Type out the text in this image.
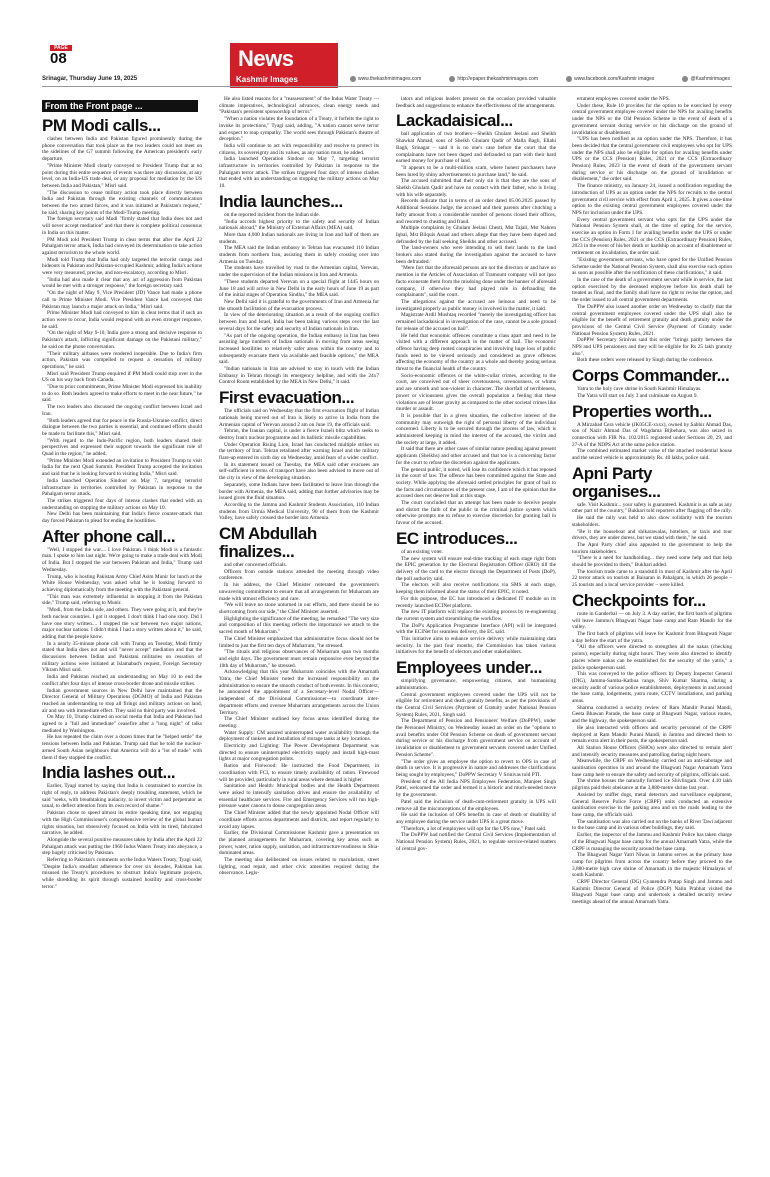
PAGE
08	News
Kashmir Images
Srinagar, Thursday June 19, 2025	www.thekashmirimages.com	http://epaper.thekashmirimages.com	www.facebook.com/Kashmir images	@Kashmirimages
From the Front page ...
PM Modi calls...

clashes between India and Pakistan figured prominently during the phone conversation that took place as the two leaders could not meet on the sidelines of the G7 summit following the American president's early departure.

"Prime Minister Modi clearly conveyed to President Trump that at no point during this entire sequence of events was there any discussion, at any level, on an India-US trade deal, or any proposal for mediation by the US between India and Pakistan," Misri said.

"The discussion to cease military action took place directly between India and Pakistan through the existing channels of communication between the two armed forces, and it was initiated at Pakistan's request," he said, sharing key points of the Modi-Trump meeting.

The foreign secretary said Modi "firmly stated that India does not and will never accept mediation" and that there is complete political consensus in India on this matter.

PM Modi told President Trump in clear terms that after the April 22 Pahalgam terror attack, India had conveyed its determination to take action against terrorism to the whole world.

Modi told Trump that India had only targeted the terrorist camps and hideouts in Pakistan and Pakistan-occupied Kashmir, adding India's actions were very measured, precise, and non-escalatory, according to Misri.

"India had also made it clear that any act of aggression from Pakistan would be met with a stronger response," the foreign secretary said.

"On the night of May 9, Vice President (JD) Vance had made a phone call to Prime Minister Modi. Vice President Vance had conveyed that Pakistan may launch a major attack on India," Misri said.

Prime Minister Modi had conveyed to him in clear terms that if such an action were to occur, India would respond with an even stronger response, he said.

"On the night of May 9-10, India gave a strong and decisive response to Pakistan's attack, inflicting significant damage on the Pakistani military," he said on the phone conversation.

"Their military airbases were rendered inoperable. Due to India's firm action, Pakistan was compelled to request a cessation of military operations," he said.

Misri said President Trump enquired if PM Modi could stop over in the US on his way back from Canada.

"Due to prior commitments, Prime Minister Modi expressed his inability to do so. Both leaders agreed to make efforts to meet in the near future," he said.

The two leaders also discussed the ongoing conflict between Israel and Iran.

"Both leaders agreed that for peace in the Russia-Ukraine conflict, direct dialogue between the two parties is essential, and continued efforts should be made to facilitate this," Misri said.

"With regard to the Indo-Pacific region, both leaders shared their perspectives and expressed their support towards the significant role of Quad in the region," he added.

"Prime Minister Modi extended an invitation to President Trump to visit India for the next Quad Summit. President Trump accepted the invitation and said that he is looking forward to visiting India," Misri said.

India launched Operation Sindoor on May 7, targeting terrorist infrastructure in territories controlled by Pakistan in response to the Pahalgam terror attack.

The strikes triggered four days of intense clashes that ended with an understanding on stopping the military actions on May 10.

New Delhi has been maintaining that India's fierce counter-attack that day forced Pakistan to plead for ending the hostilities.

After phone call...

"Well, I stopped the war.... I love Pakistan. I think Modi is a fantastic man. I spoke to him last night. We're going to make a trade deal with Modi of India. But I stopped the war between Pakistan and India," Trump said Wednesday.

Trump, who is hosting Pakistan Army Chief Asim Munir for lunch at the White House Wednesday, was asked what he is looking forward to achieving diplomatically from the meeting with the Pakistani general.

"This man was extremely influential in stopping it from the Pakistan side," Trump said, referring to Munir.

"Modi, from the India side, and others. They were going at it, and they're both nuclear countries. I got it stopped. I don't think I had one story. Did I have one story written.... I stopped the war between two major nations, major nuclear nations. I didn't think I had a story written about it," he said, adding that the people know.

In a nearly 35-minute phone call with Trump on Tuesday, Modi firmly stated that India does not and will "never accept" mediation and that the discussions between Indian and Pakistani militaries on cessation of military actions were initiated at Islamabad's request, Foreign Secretary Vikram Misri said.

India and Pakistan reached an understanding on May 10 to end the conflict after four days of intense cross-border drone and missile strikes.

Indian government sources in New Delhi have maintained that the Director General of Military Operations (DGMO) of India and Pakistan reached an understanding to stop all firings and military actions on land, air and sea with immediate effect. They said no third party was involved.

On May 10, Trump claimed on social media that India and Pakistan had agreed to a "full and immediate" ceasefire after a "long night" of talks mediated by Washington.

He has repeated the claim over a dozen times that he "helped settle" the tensions between India and Pakistan. Trump said that he told the nuclear-armed South Asian neighbours that America will do a "lot of trade" with them if they stopped the conflict.

India lashes out...

Earlier, Tyagi started by saying that India is constrained to exercise its right of reply, to address Pakistan's deeply troubling statement, which he said "seeks, with breathtaking audacity, to invert victim and perpetrator as usual, to deflect attention from its own record of shame."

Pakistan chose to speed almost its entire speaking time, not engaging with the High Commissioner's comprehensive review of the global human rights situation, but obsessively focused on India with its tired, fabricated narrative, he added.

Alongside the several punitive measures taken by India after the April 22 Pahalgam attack was putting the 1960 Indus Waters Treaty into abeyance, a step hugely criticised by Pakistan.

Referring to Pakistan's comments on the Indus Waters Treaty, Tyagi said, "Despite India's steadfast adherence for over six decades, Pakistan has misused the Treaty's procedures to obstruct India's legitimate projects, while shredding its spirit through sustained hostility and cross-border terror."

He also listed reasons for a "reassessment" of the Indus Water Treaty — climate imperatives, technological advances, clean energy needs and "Pakistan's persistent sponsorship of terror."

"When a nation violates the foundation of a Treaty, it forfeits the right to invoke its protections," Tyagi said, adding, "A nation cannot serve terror and expect to reap sympathy. The world sees through Pakistan's theatre of deception."

India will continue to act with responsibility and resolve to protect its citizens, its sovereignty and its values, as any nation must, he added.

India launched Operation Sindoor on May 7, targeting terrorist infrastructure in territories controlled by Pakistan in response to the Pahalgam terror attack. The strikes triggered four days of intense clashes that ended with an understanding on stopping the military actions on May 10.

India launches...

on the reported incident from the Indian side.

"India accords highest priority to the safety and security of Indian nationals abroad," the Ministry of External Affairs (MEA) said.

More than 4,000 Indian nationals are living in Iran and half of them are students.

The MEA said the Indian embassy in Tehran has evacuated 110 Indian students from northern Iran, assisting them in safely crossing over into Armenia on Tuesday.

The students have travelled by road to the Armenian capital, Yerevan, under the supervision of the Indian missions in Iran and Armenia.

"These students departed Yerevan on a special flight at 1445 hours on June 18 and will arrive in New Delhi in the early hours of June 19 as part of the initial stages of Operation Sindhu," the MEA said.

New Delhi said it is grateful to the governments of Iran and Armenia for the smooth facilitation of the evacuation process.

In view of the deteriorating situation as a result of the ongoing conflict between Iran and Israel, India has been taking various steps over the last several days for the safety and security of Indian nationals in Iran.

"As part of the ongoing operation, the Indian embassy in Iran has been assisting large numbers of Indian nationals in moving from areas seeing increased hostilities to relatively safer areas within the country and to subsequently evacuate them via available and feasible options," the MEA said.

"Indian nationals in Iran are advised to stay in touch with the Indian Embassy in Tehran through its emergency helpline, and with the 24x7 Control Room established by the MEA in New Delhi," it said.

First evacuation...

The officials said on Wednesday that the first evacuation flight of Indian nationals being moved out of Iran is likely to arrive in India from the Armenian capital of Yerevan around 2 am on June 19, the officials said.

Tehran, the Iranian capital, is under a fierce Israeli blitz which seeks to destroy Iran's nuclear programme and its ballistic missile capabilities.

Under Operation Rising Lion, Israel has conducted multiple strikes on the territory of Iran. Tehran retaliated after warning Israel and the military flare-up entered its sixth day on Wednesday, amid fears of a wider conflict.

In its statement issued on Tuesday, the MEA said other evacuees are self-sufficient in terms of transport have also been advised to move out of the city in view of the developing situation.

Separately, some Indians have been facilitated to leave Iran through the border with Armenia, the MEA said, adding that further advisories may be issued given the fluid situation.

According to the Jammu and Kashmir Students Association, 110 Indian students from Urmia Medical University, 90 of them from the Kashmir Valley, have safely crossed the border into Armenia.

CM Abdullah finalizes...

and other concerned officials.

Officers from outside stations attended the meeting through video conference.

In his address, the Chief Minister reiterated the government's unwavering commitment to ensure that all arrangements for Muharram are made with utmost efficiency and care.

"We will leave no stone unturned in our efforts, and there should be no shortcoming from our side," the Chief Minister asserted.

Highlighting the significance of the meeting, he remarked "The very size and composition of this meeting reflects the importance we attach to the sacred month of Muharram."

The Chief Minister emphasized that administrative focus should not be limited to just the first ten days of Muharram, "he stressed.

"The rituals and religious observances of Muharram span two months and eight days. The government must remain responsive even beyond the 10th day of Muharram," he stressed.

Acknowledging that this year Muharram coincides with the Amarnath Yatra, the Chief Minister noted the increased responsibility on the administration to ensure the smooth conduct of both events. In this context, he announced the appointment of a Secretary-level Nodal Officer—independent of the Divisional Commissioner—to coordinate inter-department efforts and oversee Muharram arrangements across the Union Territory.

The Chief Minister outlined key focus areas identified during the meeting:

Water Supply: CM assured uninterrupted water availability through the deployment of tankers and installation of storage tanks at key locations.

Electricity and Lighting: The Power Development Department was directed to ensure uninterrupted electricity supply and install high-mast lights at major congregation points.

Ration and Firewood: He instructed the Food Department, in coordination with FCI, to ensure timely availability of ration. Firewood will be provided, particularly in rural areas where demand is higher.

Sanitation and Health: Municipal bodies and the Health Department were asked to intensify sanitation drives and ensure the availability of essential healthcare services. Fire and Emergency Services will run high-pressure water canons to douse congregation areas.

The Chief Minister added that the newly appointed Nodal Officer will coordinate efforts across departments and districts, and report regularly to avoid any lapses.

Earlier, the Divisional Commissioner Kashmir gave a presentation on the planned arrangements for Muharram, covering key areas such as power, water, ration supply, sanitation, and infrastructure readiness in Shia-dominated areas.

The meeting also deliberated on issues related to maculatism, street lighting, road repair, and other civic amenities required during the observance. Legis-

lators and religious leaders present on the occasion provided valuable feedback and suggestions to enhance the effectiveness of the arrangements.

Lackadaisical...

bail application of two brothers—Sheikh Ghulam Jeelani and Sheikh Shawkat Ahmad, sons of Sheikh Ghulam Qadir of Malla Bagh, Ellahi Bagh, Srinagar – said it is no one's case before the court that the complainants have not been duped and defrauded to part with their hard earned money for purchase of land.

"It appears to be a multi-million scam, where honest purchasers have been lured by shiny advertisements to purchase land," he said.

The accused submitted that their only sin is that they are the sons of Sheikh Ghulam Qadir and have no contact with their father, who is living with his wife separately.

Records indicate that in terms of an order dated 05.06.2025 passed by Additional Sessions Judge, the accused and their parents after clutching a hefty amount from a considerable number of persons closed their offices, and resorted to cheating and fraud.

Multiple complaints by Ghulam Jeelani Chesti, Mst Tajali, Mst Nahren Iqbal, Mst Bilquis Assad and others allege that they have been duped and defrauded by the bail seeking Sheikhs and other accused.

The land-owners who were intending to sell their lands to the land brokers also stated during the investigation against the accused to have been defrauded.

"Mere fact that the aforesaid persons are not the directors or and have no mention in the Articles of Association of Tramount company will not ipso facto exonerate them from the misdoing done under the banner of aforesaid company, if otherwise they had played role in defrauding the complainants", said the court.

The allegations against the accused are heinous and need to be investigated properly as public money is involved in the matter, it said.

Magistrate Ardil Mushtaq recorded "merely the investigating officer has remained lackadaisical in investigation of the case, cannot be a sole ground for release of the accused on bail".

He held that economic offences constitute a class apart and need to be visited with a different approach in the matter of bail. The economic offence having deep rooted conspiracies and involving huge loss of public funds need to be viewed seriously and considered as grave offences affecting the economy of the country as a whole and thereby posing serious threat to the financial health of the country.

Socio-economic offences or the white-collar crimes, according to the court, are conceived out of sheer covetousness, ravenousness, or whims and are smooth and non-violent in character. The shortfall of terribleness, power or viciousness gives the overall population a feeling that these violations are of lesser gravity as compared to the other societal crimes like murder or assault.

It is possible that in a given situation, the collective interest of the community may outweigh the right of personal liberty of the individual concerned. Liberty is to be secured through the process of law, which is administered keeping in mind the interest of the accused, the victim and the society at large, it added.

It said that there are other cases of similar nature pending against present applicants (Sheikhs) and other accused and that too is a concerning factor for the court to refuse the discretion against the applicants.

The general public, it noted, will lose its confidence which it has reposed in the court of law. The offence has been committed against the State and society. While applying the aforesaid settled principles for grant of bail to the facts and circumstances of the present case, I am of the opinion that the accused does not deserve bail at this stage.

The court concluded that an attempt has been made to deceive people and distort the faith of the public in the criminal justice system which otherwise prompts me to refuse to exercise discretion for granting bail in favour of the accused.

EC introduces...

of an existing voter.

The new system will ensure real-time tracking of each stage right from the EPIC generation by the Electoral Registration Officer (ERO) till the delivery of the card to the elector through the Department of Posts (DoP), the poll authority said.

The electors will also receive notifications via SMS at each stage, keeping them informed about the status of their EPIC, it noted.

For this purpose, the EC has introduced a dedicated IT module on its recently launched ECINet platform.

The new IT platform will replace the existing process by re-engineering the current system and streamlining the workflow.

The DoP's Application Programme Interface (API) will be integrated with the ECINet for seamless delivery, the EC said.

This initiative aims to enhance service delivery while maintaining data security. In the past four months, the Commission has taken various initiatives for the benefit of electors and other stakeholders.

Employees under...

simplifying governance, empowering citizens, and humanising administration.

Central government employees covered under the UPS will not be eligible for retirement and death gratuity benefits, as per the provisions of the Central Civil Services (Payment of Gratuity under National Pension System) Rules, 2021, Singh said.

The Department of Pension and Pensioners' Welfare (DoPPW), under the Personnel Ministry, on Wednesday issued an order on the "options to avail benefits under Old Pension Scheme on death of government servant during service or his discharge from government service on account of invalidation or disablement to government servants covered under Unified Pension Scheme".

"The order gives an employee the option to revert to OPS in case of death in service. It is progressive in nature and addresses the clarifications being sought by employees," DoPPW Secretary V Srinivas told PTI.

President of the All India NPS Employees Federation, Manjeet Singh Patel, welcomed the order and termed it a historic and much-needed move by the government.

Patel said the inclusion of death-cum-retirement gratuity in UPS will remove all the misconceptions of the employees.

He said the inclusion of OPS benefits in case of death or disability of any employee during the service under UPS is a great move.

"Therefore, a lot of employees will opt for the UPS now," Patel said.

The DoPPW had notified the Central Civil Services (Implementation of National Pension System) Rules, 2021, to regulate service-related matters of central gov-

ernment employees covered under the NPS.

Under these, Rule 10 provides for the option to be exercised by every central government employee covered under the NPS for availing benefits under the NPS or the Old Pension Scheme in the event of death of a government servant during service or his discharge on the ground of invalidation or disablement.

"UPS has been notified as an option under the NPS. Therefore, it has been decided that the central government civil employees who opt for UPS under the NPS shall also be eligible for option for availing benefits under UPS or the CCS (Pension) Rules, 2021 or the CCS (Extraordinary Pension) Rules, 2023 in the event of death of the government servant during service or his discharge on the ground of invalidation or disablement," the order said.

The finance ministry, on January 24, issued a notification regarding the introduction of UPS as an option under the NPS for recruits to the central government civil service with effect from April 1, 2025. It gives a one-time option to the existing central government employees covered under the NPS for inclusion under the UPS.

Every central government servant who opts for the UPS under the National Pension System shall, at the time of opting for the service, exercise an option in Form 1 for availing benefits under the UPS or under the CCS (Pension) Rules, 2021 or the CCS (Extraordinary Pension) Rules, 2023 in the event of his/her death or hardship on account of disablement or retirement on invalidation, the order said.

"Existing government servants, who have opted for the Unified Pension Scheme under the National Pension System, shall also exercise such option as soon as possible after the notification of these clarifications," it said.

In the case of the death of a government servant while in service, the last option exercised by the deceased employee before his death shall be treated as final, and the family shall have no right to revise the option, and the order issued to all central government departments.

The DoPPW also issued another order on Wednesday to clarify that the central government employees covered under the UPS shall also be eligible for the benefit of retirement gratuity and death gratuity under the provisions of the Central Civil Service (Payment of Gratuity under National Pension System) Rules, 2021.

DoPPW Secretary Srinivas said this order "brings parity between the NPS and UPS pensioners and they will be eligible for Rs 25 lakh gratuity also".

Both these orders were released by Singh during the conference.

Corps Commander...

Yatra to the holy cave shrine in South Kashmir Himalayas.

The Yatra will start on July 3 and culminate on August 9.

Properties worth...

A Mirzabad Cera vehicle (JK05CE-xxxx), owned by Sabbir Ahmad Das, son of Nazir Ahmad Das of Wagdama Bijbehara, was also seized in connection with FIR No. 102/2015 registered under Sections 20, 29, and 27-A of the NDPS Act at the same police station.

The combined estimated market value of the attached residential house and the seized vehicle is approximately Rs. 40 lakhs, police said.

Apni Party organises...

safe. Visit Kashmir... your safety is guaranteed. Kashmir is as safe as any other part of the country," Bukhari told reporters after flagging off the rally.

He said the rally was held to also show solidarity with the tourism stakeholders.

"Be it the houseboat and shikarawalas, hoteliers, or taxis and tour drivers, they are under duress, but we stand with them," he said.

The Apni Party chief also appealed to the government to help the tourism stakeholders.

"There is a need for handholding... they need some help and that help should be provided to them," Bukhari added.

The tourism trade came to a standstill in most of Kashmir after the April 22 terror attack on tourists at Baisaran in Pahalgam, in which 26 people – 25 tourists and a local service provider – were killed.

Checkpoints for...

route in Ganderbal — on July 3. A day earlier, the first batch of pilgrims will leave Jammu's Bhagwati Nagar base camp and Ram Mandir for the valley.

The first batch of pilgrims will leave for Kashmir from Bhagwati Nagar a day before the start of the yatra.

"All the officers were directed to strengthen all the nakas (checking points), especially during night hours. They were also directed to identify places where nakas can be established for the security of the yatris," a police spokesperson said.

This was conveyed to the police officers by Deputy Inspector General (DIG), Jammu-Samba-Kathua range, Shiv Kumar Sharma, during a security audit of various police establishments, deployments in and around the base camp, lodgements, yatra route, CCTV installations, and parking areas.

Sharma conducted a security review of Ram Mandir Purani Mandi, Geeta Bhawan Parade, the base camp at Bhagwati Nagar, various routes, and the highway, the spokesperson said.

He also interacted with officers and security personnel of the CRPF deployed at Ram Mandir Purani Mandi, in Jammu and directed them to remain extra alert in their posts, the spokesperson said.

All Station House Officers (SHOs) were also directed to remain alert and intensify security measures and patrolling during night hours.

Meanwhile, the CRPF on Wednesday carried out an anti-sabotage and sanitisation operation in and around the Bhagwati Nagar Amarnath Yatra base camp here to ensure the safety and security of pilgrims, officials said.

The shrine houses the naturally formed ice Shivlingam. Over 4.10 lakh pilgrims paid their obeisance at the 3,880-metre shrine last year.

Assisted by sniffer dogs, metal detectors and surveillance equipment, General Reserve Police Force (CRPF) units conducted an extensive sanitisation exercise in the parking area and on the roads leading to the base camp, the officials said.

The sanitisation was also carried out on the banks of River Tawi adjacent to the base camp and in various other buildings, they said.

Earlier, the inspector of the Jammu and Kashmir Police has taken charge of the Bhagwati Nagar base camp for the annual Amarnath Yatra, while the CRPF is managing the security around the base camp.

The Bhagwati Nagar Yatri Niwas in Jammu serves as the primary base camp for pilgrims from across the country before they proceed to the 3,880-metre high cave shrine of Amarnath in the majestic Himalayas of south Kashmir.

CRPF Director General (DG) Gyanendra Pratap Singh and Jammu and Kashmir Director General of Police (DGP) Nalin Prabhat visited the Bhagwati Nagar base camp and undertook a detailed security review meetings ahead of the annual Amarnath Yatra.
